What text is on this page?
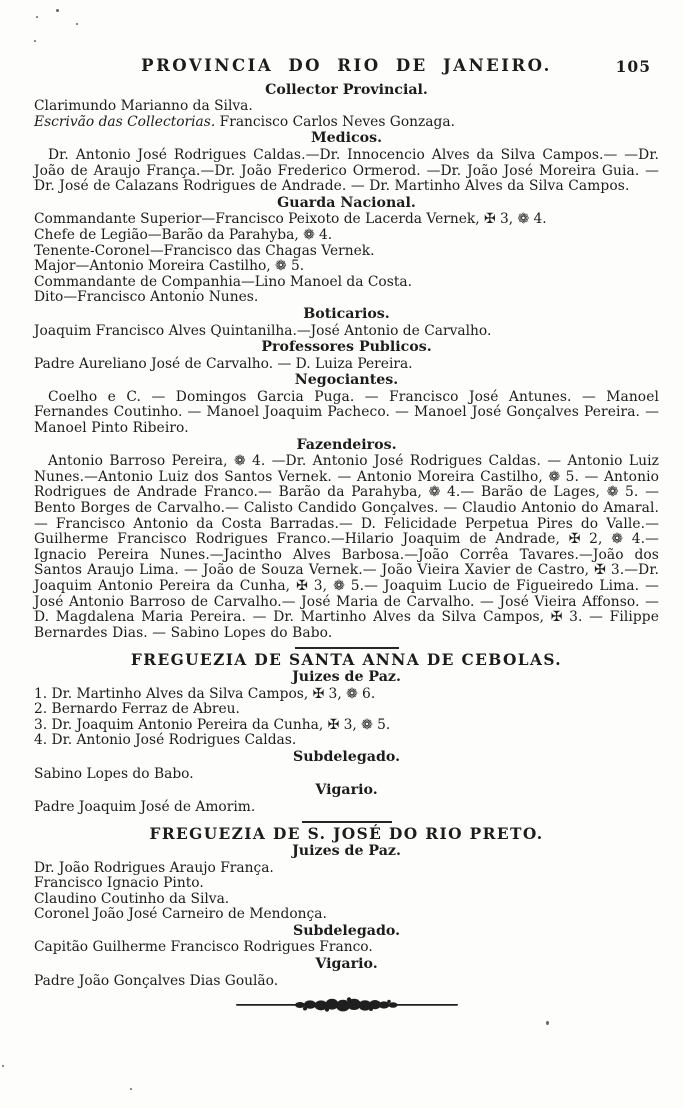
PROVINCIA DO RIO DE JANEIRO.	105
Collector Provincial.
Clarimundo Marianno da Silva.
Escrivão das Collectorias. Francisco Carlos Neves Gonzaga.
Medicos.
Dr. Antonio José Rodrigues Caldas.—Dr. Innocencio Alves da Silva Campos.— —Dr. João de Araujo França.—Dr. João Frederico Ormerod. —Dr. João José Moreira Guia. — Dr. José de Calazans Rodrigues de Andrade. — Dr. Martinho Alves da Silva Campos.
Guarda Nacional.
Commandante Superior—Francisco Peixoto de Lacerda Vernek, ✠ 3, ❁ 4.
Chefe de Legião—Barão da Parahyba, ❁ 4.
Tenente-Coronel—Francisco das Chagas Vernek.
Major—Antonio Moreira Castilho, ❁ 5.
Commandante de Companhia—Lino Manoel da Costa.
Dito—Francisco Antonio Nunes.
Boticarios.
Joaquim Francisco Alves Quintanilha.—José Antonio de Carvalho.
Professores Publicos.
Padre Aureliano José de Carvalho. — D. Luiza Pereira.
Negociantes.
Coelho e C. — Domingos Garcia Puga. — Francisco José Antunes. — Manoel Fernandes Coutinho. — Manoel Joaquim Pacheco. — Manoel José Gonçalves Pereira. — Manoel Pinto Ribeiro.
Fazendeiros.
Antonio Barroso Pereira, ❁ 4. —Dr. Antonio José Rodrigues Caldas. — Antonio Luiz Nunes.—Antonio Luiz dos Santos Vernek. — Antonio Moreira Castilho, ❁ 5. — Antonio Rodrigues de Andrade Franco.— Barão da Parahyba, ❁ 4.— Barão de Lages, ❁ 5. — Bento Borges de Carvalho.— Calisto Candido Gonçalves. — Claudio Antonio do Amaral.— Francisco Antonio da Costa Barradas.— D. Felicidade Perpetua Pires do Valle.—Guilherme Francisco Rodrigues Franco.—Hilario Joaquim de Andrade, ✠ 2, ❁ 4.—Ignacio Pereira Nunes.—Jacintho Alves Barbosa.—João Corrêa Tavares.—João dos Santos Araujo Lima. — João de Souza Vernek.— João Vieira Xavier de Castro, ✠ 3.—Dr. Joaquim Antonio Pereira da Cunha, ✠ 3, ❁ 5.— Joaquim Lucio de Figueiredo Lima. — José Antonio Barroso de Carvalho.— José Maria de Carvalho. — José Vieira Affonso. — D. Magdalena Maria Pereira. — Dr. Martinho Alves da Silva Campos, ✠ 3. — Filippe Bernardes Dias. — Sabino Lopes do Babo.
FREGUEZIA DE SANTA ANNA DE CEBOLAS.
Juizes de Paz.
1. Dr. Martinho Alves da Silva Campos, ✠ 3, ❁ 6.
2. Bernardo Ferraz de Abreu.
3. Dr. Joaquim Antonio Pereira da Cunha, ✠ 3, ❁ 5.
4. Dr. Antonio José Rodrigues Caldas.
Subdelegado.
Sabino Lopes do Babo.
Vigario.
Padre Joaquim José de Amorim.
FREGUEZIA DE S. JOSÉ DO RIO PRETO.
Juizes de Paz.
Dr. João Rodrigues Araujo França.
Francisco Ignacio Pinto.
Claudino Coutinho da Silva.
Coronel João José Carneiro de Mendonça.
Subdelegado.
Capitão Guilherme Francisco Rodrigues Franco.
Vigario.
Padre João Gonçalves Dias Goulão.
